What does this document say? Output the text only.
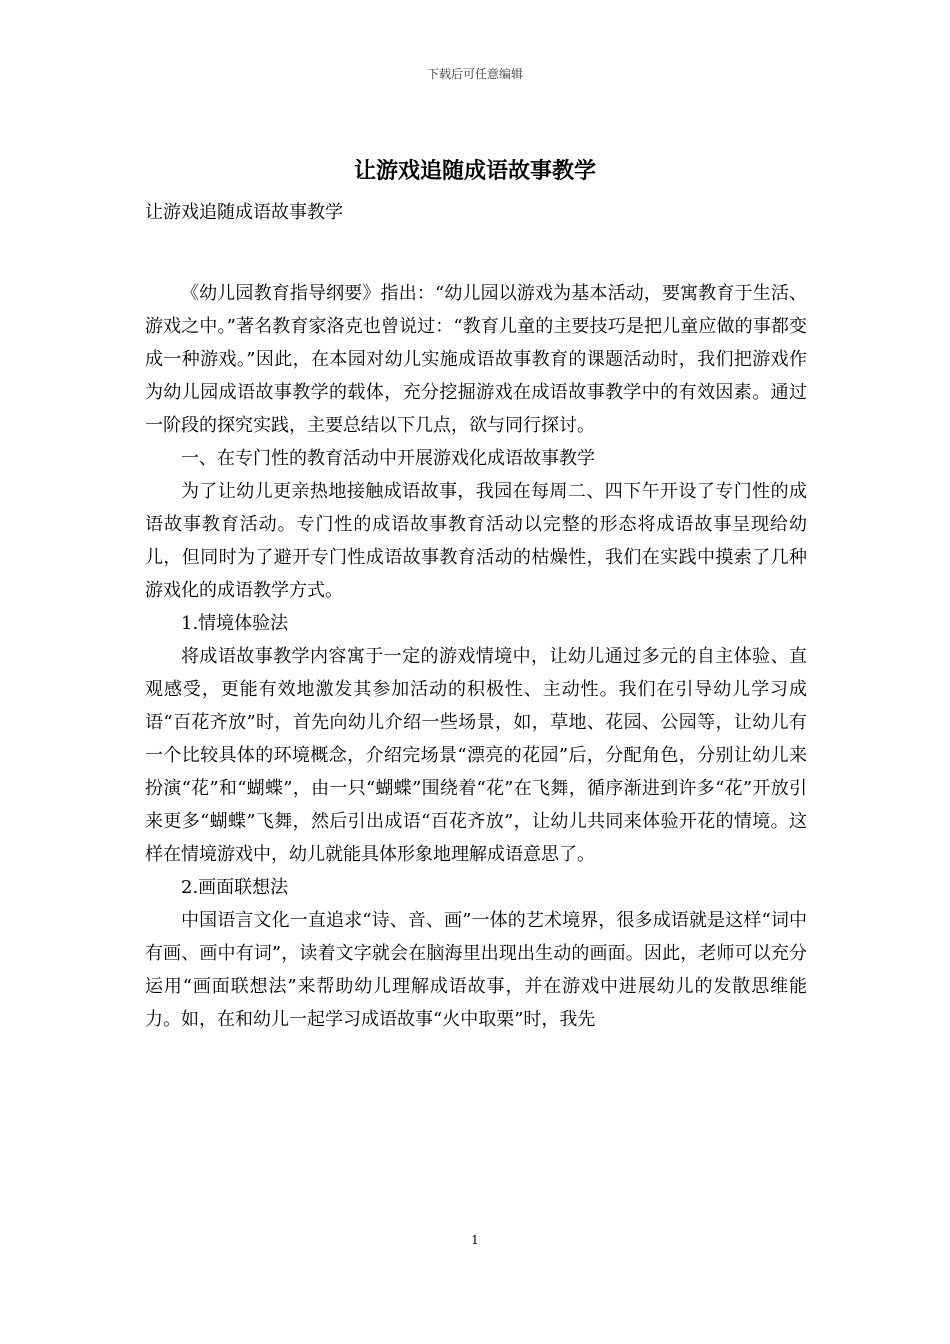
下载后可任意编辑
让游戏追随成语故事教学

让游戏追随成语故事教学

《幼儿园教育指导纲要》指出：“幼儿园以游戏为基本活动，要寓教育于生活、游戏之中。”著名教育家洛克也曾说过：“教育儿童的主要技巧是把儿童应做的事都变成一种游戏。”因此，在本园对幼儿实施成语故事教育的课题活动时，我们把游戏作为幼儿园成语故事教学的载体，充分挖掘游戏在成语故事教学中的有效因素。通过一阶段的探究实践，主要总结以下几点，欲与同行探讨。

一、在专门性的教育活动中开展游戏化成语故事教学

为了让幼儿更亲热地接触成语故事，我园在每周二、四下午开设了专门性的成语故事教育活动。专门性的成语故事教育活动以完整的形态将成语故事呈现给幼儿，但同时为了避开专门性成语故事教育活动的枯燥性，我们在实践中摸索了几种游戏化的成语教学方式。

1.情境体验法

将成语故事教学内容寓于一定的游戏情境中，让幼儿通过多元的自主体验、直观感受，更能有效地激发其参加活动的积极性、主动性。我们在引导幼儿学习成语“百花齐放”时，首先向幼儿介绍一些场景，如，草地、花园、公园等，让幼儿有一个比较具体的环境概念，介绍完场景“漂亮的花园”后，分配角色，分别让幼儿来扮演“花”和“蝴蝶”，由一只“蝴蝶”围绕着“花”在飞舞，循序渐进到许多“花”开放引来更多“蝴蝶”飞舞，然后引出成语“百花齐放”，让幼儿共同来体验开花的情境。这样在情境游戏中，幼儿就能具体形象地理解成语意思了。

2.画面联想法

中国语言文化一直追求“诗、音、画”一体的艺术境界，很多成语就是这样“词中有画、画中有词”，读着文字就会在脑海里出现出生动的画面。因此，老师可以充分运用“画面联想法”来帮助幼儿理解成语故事，并在游戏中进展幼儿的发散思维能力。如，在和幼儿一起学习成语故事“火中取栗”时，我先

1
